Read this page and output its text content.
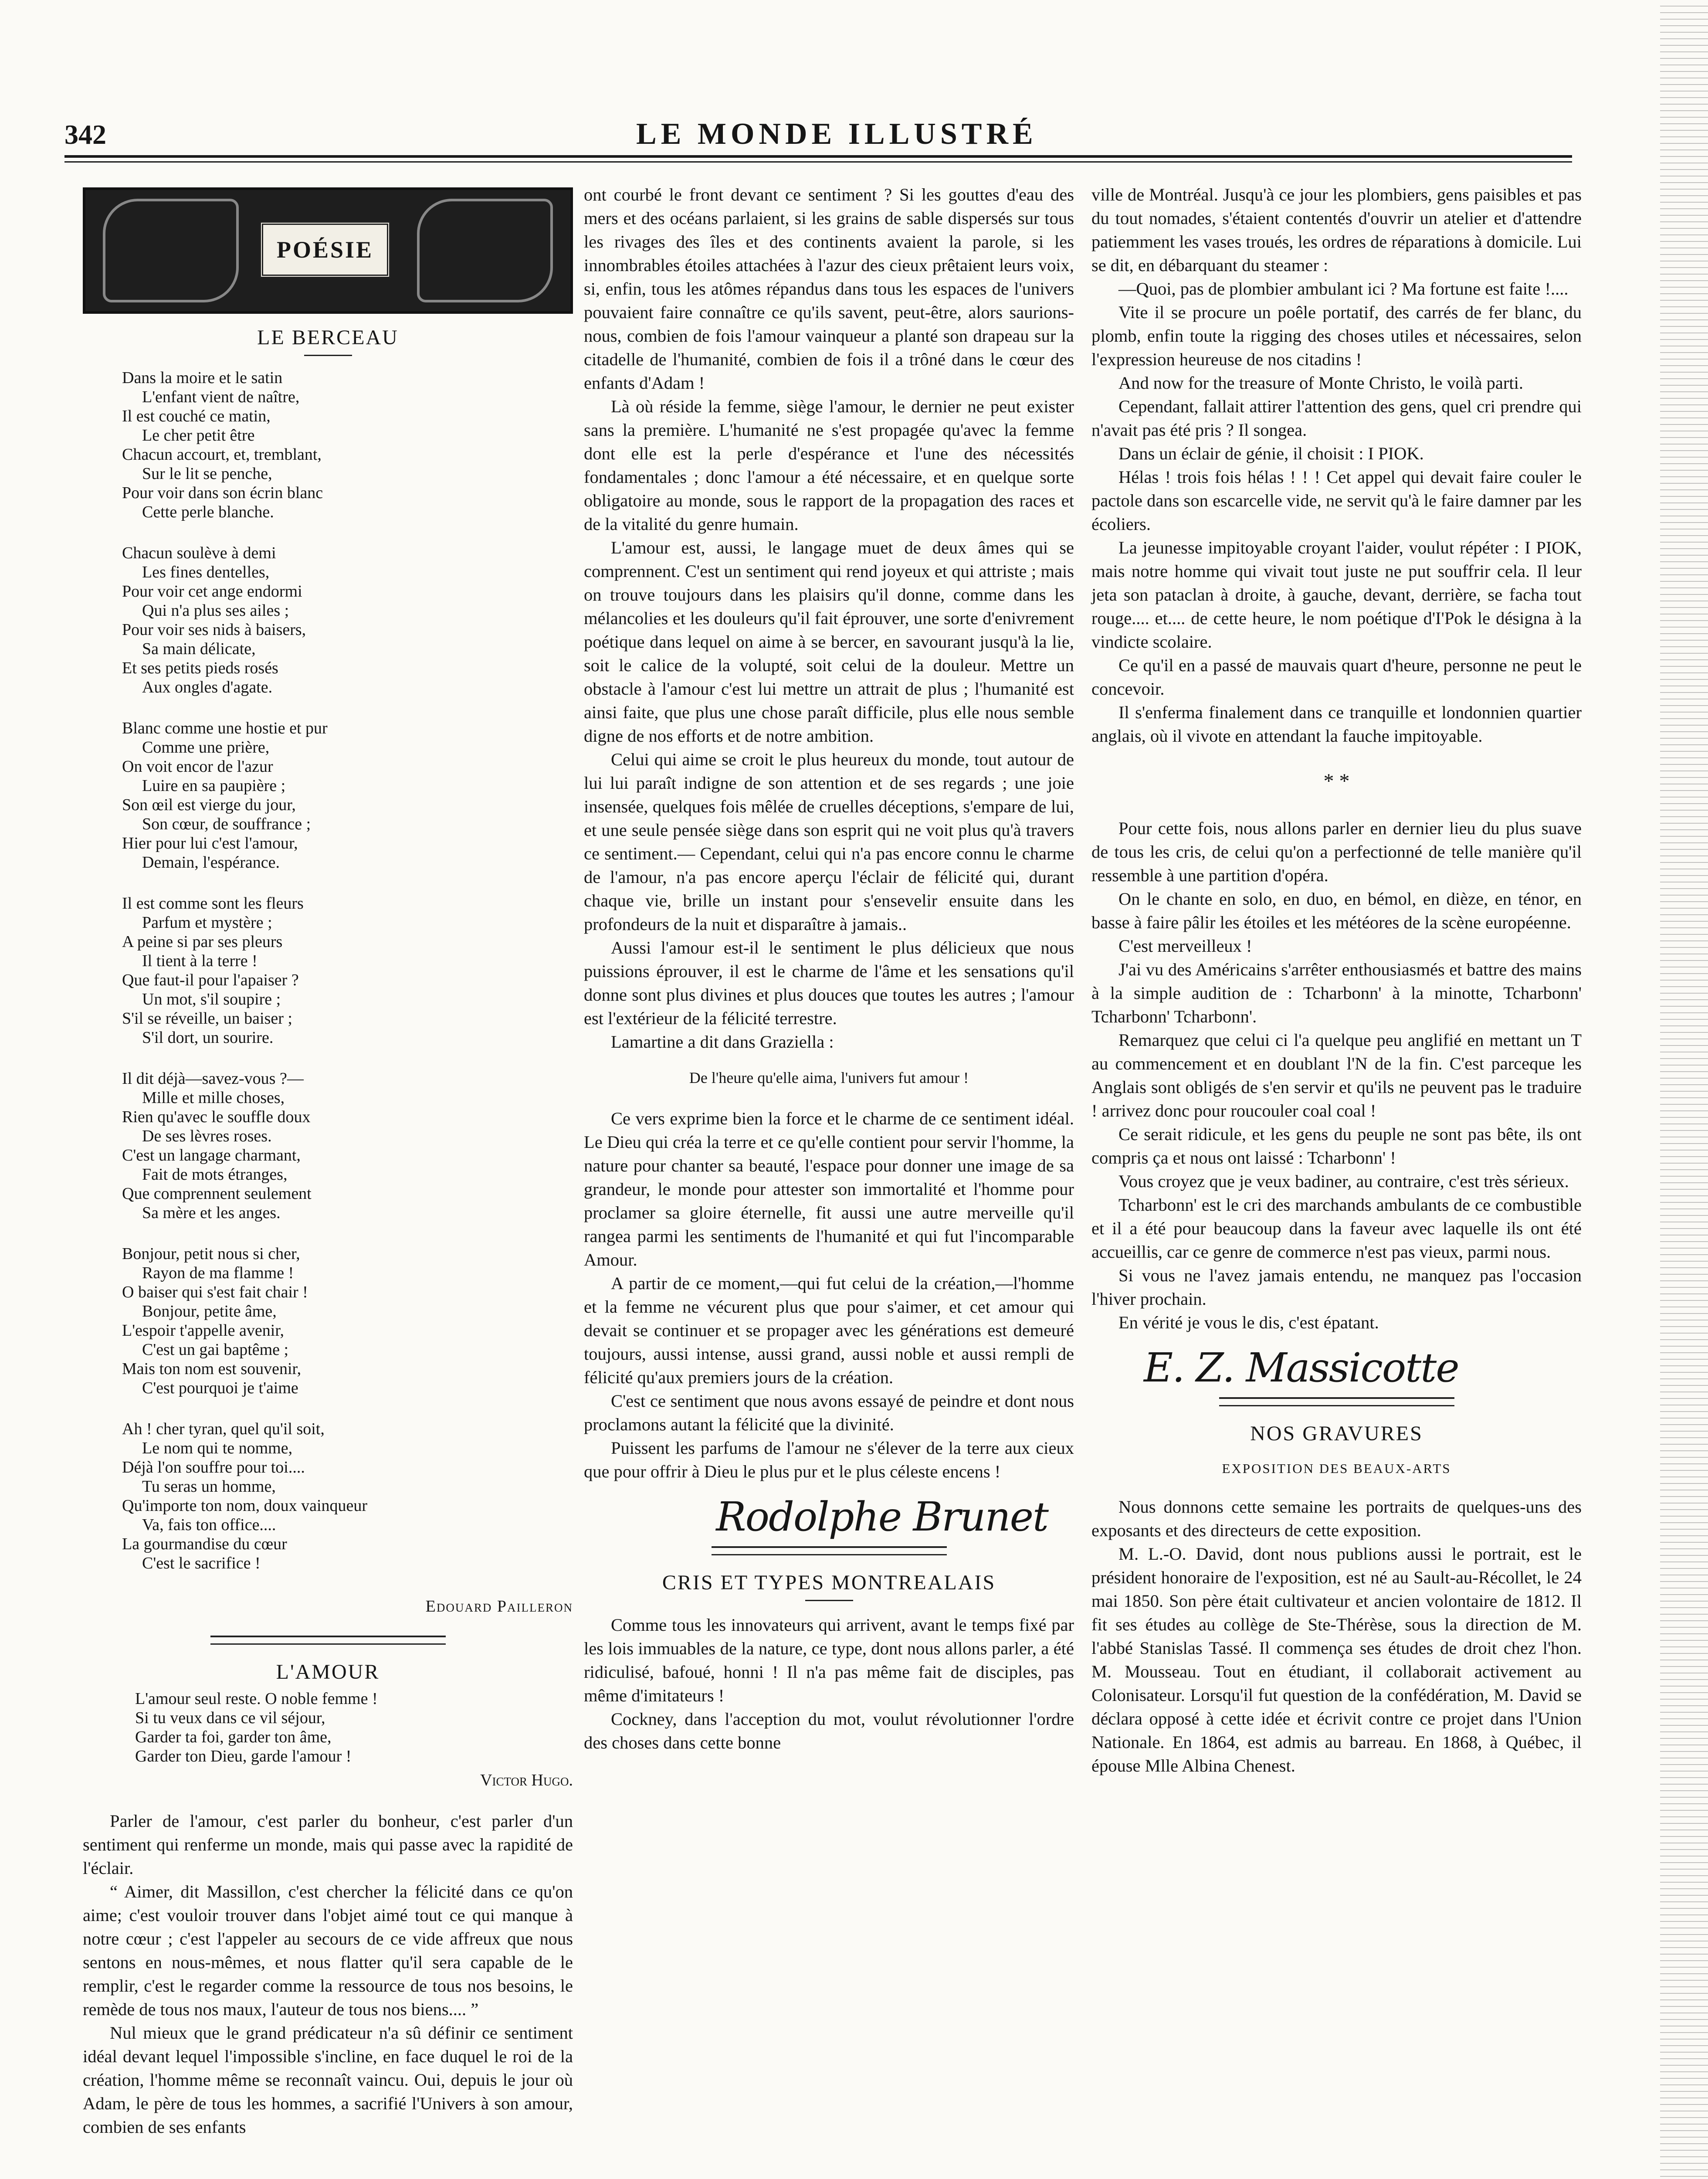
342	LE MONDE ILLUSTRÉ
POÉSIE
LE BERCEAU
Dans la moire et le satin
L'enfant vient de naître,
Il est couché ce matin,
Le cher petit être
Chacun accourt, et, tremblant,
Sur le lit se penche,
Pour voir dans son écrin blanc
Cette perle blanche.
Chacun soulève à demi
Les fines dentelles,
Pour voir cet ange endormi
Qui n'a plus ses ailes ;
Pour voir ses nids à baisers,
Sa main délicate,
Et ses petits pieds rosés
Aux ongles d'agate.
Blanc comme une hostie et pur
Comme une prière,
On voit encor de l'azur
Luire en sa paupière ;
Son œil est vierge du jour,
Son cœur, de souffrance ;
Hier pour lui c'est l'amour,
Demain, l'espérance.
Il est comme sont les fleurs
Parfum et mystère ;
A peine si par ses pleurs
Il tient à la terre !
Que faut-il pour l'apaiser ?
Un mot, s'il soupire ;
S'il se réveille, un baiser ;
S'il dort, un sourire.
Il dit déjà—savez-vous ?—
Mille et mille choses,
Rien qu'avec le souffle doux
De ses lèvres roses.
C'est un langage charmant,
Fait de mots étranges,
Que comprennent seulement
Sa mère et les anges.
Bonjour, petit nous si cher,
Rayon de ma flamme !
O baiser qui s'est fait chair !
Bonjour, petite âme,
L'espoir t'appelle avenir,
C'est un gai baptême ;
Mais ton nom est souvenir,
C'est pourquoi je t'aime
Ah ! cher tyran, quel qu'il soit,
Le nom qui te nomme,
Déjà l'on souffre pour toi....
Tu seras un homme,
Qu'importe ton nom, doux vainqueur
Va, fais ton office....
La gourmandise du cœur
C'est le sacrifice !
Edouard Pailleron
L'AMOUR
L'amour seul reste. O noble femme !
Si tu veux dans ce vil séjour,
Garder ta foi, garder ton âme,
Garder ton Dieu, garde l'amour !
Victor Hugo.

Parler de l'amour, c'est parler du bonheur, c'est parler d'un sentiment qui renferme un monde, mais qui passe avec la rapidité de l'éclair.

“ Aimer, dit Massillon, c'est chercher la félicité dans ce qu'on aime; c'est vouloir trouver dans l'objet aimé tout ce qui manque à notre cœur ; c'est l'appeler au secours de ce vide affreux que nous sentons en nous-mêmes, et nous flatter qu'il sera capable de le remplir, c'est le regarder comme la ressource de tous nos besoins, le remède de tous nos maux, l'auteur de tous nos biens.... ”

Nul mieux que le grand prédicateur n'a sû définir ce sentiment idéal devant lequel l'impossible s'incline, en face duquel le roi de la création, l'homme même se reconnaît vaincu. Oui, depuis le jour où Adam, le père de tous les hommes, a sacrifié l'Univers à son amour, combien de ses enfants

ont courbé le front devant ce sentiment ? Si les gouttes d'eau des mers et des océans parlaient, si les grains de sable dispersés sur tous les rivages des îles et des continents avaient la parole, si les innombrables étoiles attachées à l'azur des cieux prêtaient leurs voix, si, enfin, tous les atômes répandus dans tous les espaces de l'univers pouvaient faire connaître ce qu'ils savent, peut-être, alors saurions-nous, combien de fois l'amour vainqueur a planté son drapeau sur la citadelle de l'humanité, combien de fois il a trôné dans le cœur des enfants d'Adam !

Là où réside la femme, siège l'amour, le dernier ne peut exister sans la première. L'humanité ne s'est propagée qu'avec la femme dont elle est la perle d'espérance et l'une des nécessités fondamentales ; donc l'amour a été nécessaire, et en quelque sorte obligatoire au monde, sous le rapport de la propagation des races et de la vitalité du genre humain.

L'amour est, aussi, le langage muet de deux âmes qui se comprennent. C'est un sentiment qui rend joyeux et qui attriste ; mais on trouve toujours dans les plaisirs qu'il donne, comme dans les mélancolies et les douleurs qu'il fait éprouver, une sorte d'enivrement poétique dans lequel on aime à se bercer, en savourant jusqu'à la lie, soit le calice de la volupté, soit celui de la douleur. Mettre un obstacle à l'amour c'est lui mettre un attrait de plus ; l'humanité est ainsi faite, que plus une chose paraît difficile, plus elle nous semble digne de nos efforts et de notre ambition.

Celui qui aime se croit le plus heureux du monde, tout autour de lui lui paraît indigne de son attention et de ses regards ; une joie insensée, quelques fois mêlée de cruelles déceptions, s'empare de lui, et une seule pensée siège dans son esprit qui ne voit plus qu'à travers ce sentiment.— Cependant, celui qui n'a pas encore connu le charme de l'amour, n'a pas encore aperçu l'éclair de félicité qui, durant chaque vie, brille un instant pour s'ensevelir ensuite dans les profondeurs de la nuit et disparaître à jamais..

Aussi l'amour est-il le sentiment le plus délicieux que nous puissions éprouver, il est le charme de l'âme et les sensations qu'il donne sont plus divines et plus douces que toutes les autres ; l'amour est l'extérieur de la félicité terrestre.

Lamartine a dit dans Graziella :

De l'heure qu'elle aima, l'univers fut amour !

Ce vers exprime bien la force et le charme de ce sentiment idéal. Le Dieu qui créa la terre et ce qu'elle contient pour servir l'homme, la nature pour chanter sa beauté, l'espace pour donner une image de sa grandeur, le monde pour attester son immortalité et l'homme pour proclamer sa gloire éternelle, fit aussi une autre merveille qu'il rangea parmi les sentiments de l'humanité et qui fut l'incomparable Amour.

A partir de ce moment,—qui fut celui de la création,—l'homme et la femme ne vécurent plus que pour s'aimer, et cet amour qui devait se continuer et se propager avec les générations est demeuré toujours, aussi intense, aussi grand, aussi noble et aussi rempli de félicité qu'aux premiers jours de la création.

C'est ce sentiment que nous avons essayé de peindre et dont nous proclamons autant la félicité que la divinité.

Puissent les parfums de l'amour ne s'élever de la terre aux cieux que pour offrir à Dieu le plus pur et le plus céleste encens !

Rodolphe Brunet
CRIS ET TYPES MONTREALAIS

Comme tous les innovateurs qui arrivent, avant le temps fixé par les lois immuables de la nature, ce type, dont nous allons parler, a été ridiculisé, bafoué, honni ! Il n'a pas même fait de disciples, pas même d'imitateurs !

Cockney, dans l'acception du mot, voulut révolutionner l'ordre des choses dans cette bonne

ville de Montréal. Jusqu'à ce jour les plombiers, gens paisibles et pas du tout nomades, s'étaient contentés d'ouvrir un atelier et d'attendre patiemment les vases troués, les ordres de réparations à domicile. Lui se dit, en débarquant du steamer :

—Quoi, pas de plombier ambulant ici ? Ma fortune est faite !....

Vite il se procure un poêle portatif, des carrés de fer blanc, du plomb, enfin toute la rigging des choses utiles et nécessaires, selon l'expression heureuse de nos citadins !

And now for the treasure of Monte Christo, le voilà parti.

Cependant, fallait attirer l'attention des gens, quel cri prendre qui n'avait pas été pris ? Il songea.

Dans un éclair de génie, il choisit : I PIOK.

Hélas ! trois fois hélas ! ! ! Cet appel qui devait faire couler le pactole dans son escarcelle vide, ne servit qu'à le faire damner par les écoliers.

La jeunesse impitoyable croyant l'aider, voulut répéter : I PIOK, mais notre homme qui vivait tout juste ne put souffrir cela. Il leur jeta son pataclan à droite, à gauche, devant, derrière, se facha tout rouge.... et.... de cette heure, le nom poétique d'I'Pok le désigna à la vindicte scolaire.

Ce qu'il en a passé de mauvais quart d'heure, personne ne peut le concevoir.

Il s'enferma finalement dans ce tranquille et londonnien quartier anglais, où il vivote en attendant la fauche impitoyable.

* *

Pour cette fois, nous allons parler en dernier lieu du plus suave de tous les cris, de celui qu'on a perfectionné de telle manière qu'il ressemble à une partition d'opéra.

On le chante en solo, en duo, en bémol, en dièze, en ténor, en basse à faire pâlir les étoiles et les météores de la scène européenne.

C'est merveilleux !

J'ai vu des Américains s'arrêter enthousiasmés et battre des mains à la simple audition de : Tcharbonn' à la minotte, Tcharbonn' Tcharbonn' Tcharbonn'.

Remarquez que celui ci l'a quelque peu anglifié en mettant un T au commencement et en doublant l'N de la fin. C'est parceque les Anglais sont obligés de s'en servir et qu'ils ne peuvent pas le traduire ! arrivez donc pour roucouler coal coal !

Ce serait ridicule, et les gens du peuple ne sont pas bête, ils ont compris ça et nous ont laissé : Tcharbonn' !

Vous croyez que je veux badiner, au contraire, c'est très sérieux.

Tcharbonn' est le cri des marchands ambulants de ce combustible et il a été pour beaucoup dans la faveur avec laquelle ils ont été accueillis, car ce genre de commerce n'est pas vieux, parmi nous.

Si vous ne l'avez jamais entendu, ne manquez pas l'occasion l'hiver prochain.

En vérité je vous le dis, c'est épatant.

E. Z. Massicotte
NOS GRAVURES
EXPOSITION DES BEAUX-ARTS

Nous donnons cette semaine les portraits de quelques-uns des exposants et des directeurs de cette exposition.

M. L.-O. David, dont nous publions aussi le portrait, est le président honoraire de l'exposition, est né au Sault-au-Récollet, le 24 mai 1850. Son père était cultivateur et ancien volontaire de 1812. Il fit ses études au collège de Ste-Thérèse, sous la direction de M. l'abbé Stanislas Tassé. Il commença ses études de droit chez l'hon. M. Mousseau. Tout en étudiant, il collaborait activement au Colonisateur. Lorsqu'il fut question de la confédération, M. David se déclara opposé à cette idée et écrivit contre ce projet dans l'Union Nationale. En 1864, est admis au barreau. En 1868, à Québec, il épouse Mlle Albina Chenest.
